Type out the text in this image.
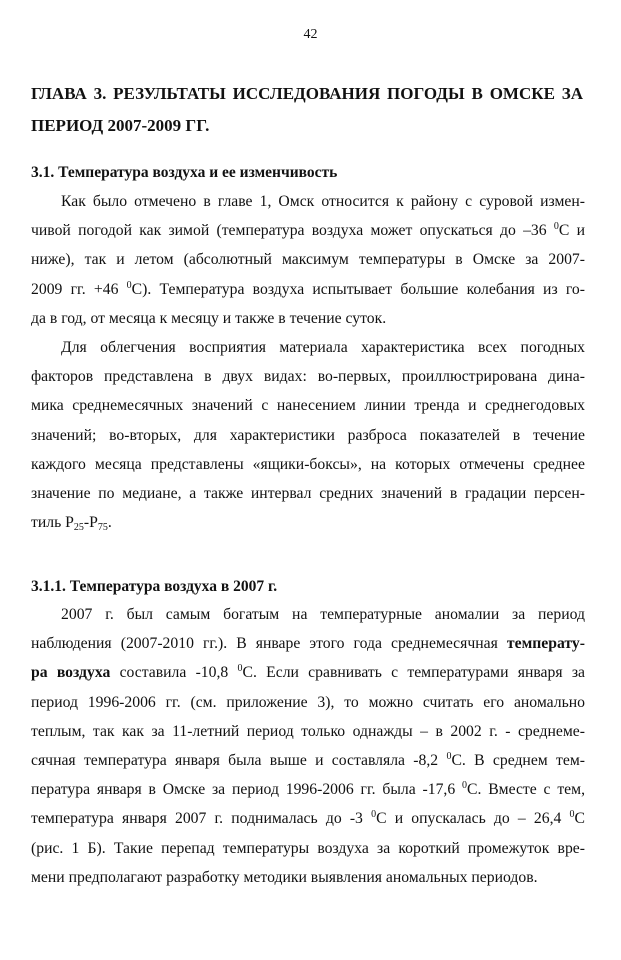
42
ГЛАВА 3. РЕЗУЛЬТАТЫ ИССЛЕДОВАНИЯ ПОГОДЫ В ОМСКЕ ЗА
ПЕРИОД 2007-2009 ГГ.
3.1. Температура воздуха и ее изменчивость
Как было отмечено в главе 1, Омск относится к району с суровой измен-
чивой погодой как зимой (температура воздуха может опускаться до –36 $^0$С и
ниже), так и летом (абсолютный максимум температуры в Омске за 2007-
2009 гг. +46 $^0$С). Температура воздуха испытывает большие колебания из го-
да в год, от месяца к месяцу и также в течение суток.
Для облегчения восприятия материала характеристика всех погодных
факторов представлена в двух видах: во-первых, проиллюстрирована дина-
мика среднемесячных значений с нанесением линии тренда и среднегодовых
значений; во-вторых, для характеристики разброса показателей в течение
каждого месяца представлены «ящики-боксы», на которых отмечены среднее
значение по медиане, а также интервал средних значений в градации персен-
тиль $Р_{25}-Р_{75}$.
3.1.1. Температура воздуха в 2007 г.
2007 г. был самым богатым на температурные аномалии за период
наблюдения (2007-2010 гг.). В январе этого года среднемесячная температу-
ра воздуха составила -10,8 $^0$С. Если сравнивать с температурами января за
период 1996-2006 гг. (см. приложение 3), то можно считать его аномально
теплым, так как за 11-летний период только однажды – в 2002 г. - среднеме-
сячная температура января была выше и составляла -8,2 $^0$С. В среднем тем-
пература января в Омске за период 1996-2006 гг. была -17,6 $^0$С. Вместе с тем,
температура января 2007 г. поднималась до -3 $^0$С и опускалась до – 26,4 $^0$С
(рис. 1 Б). Такие перепад температуры воздуха за короткий промежуток вре-
мени предполагают разработку методики выявления аномальных периодов.
